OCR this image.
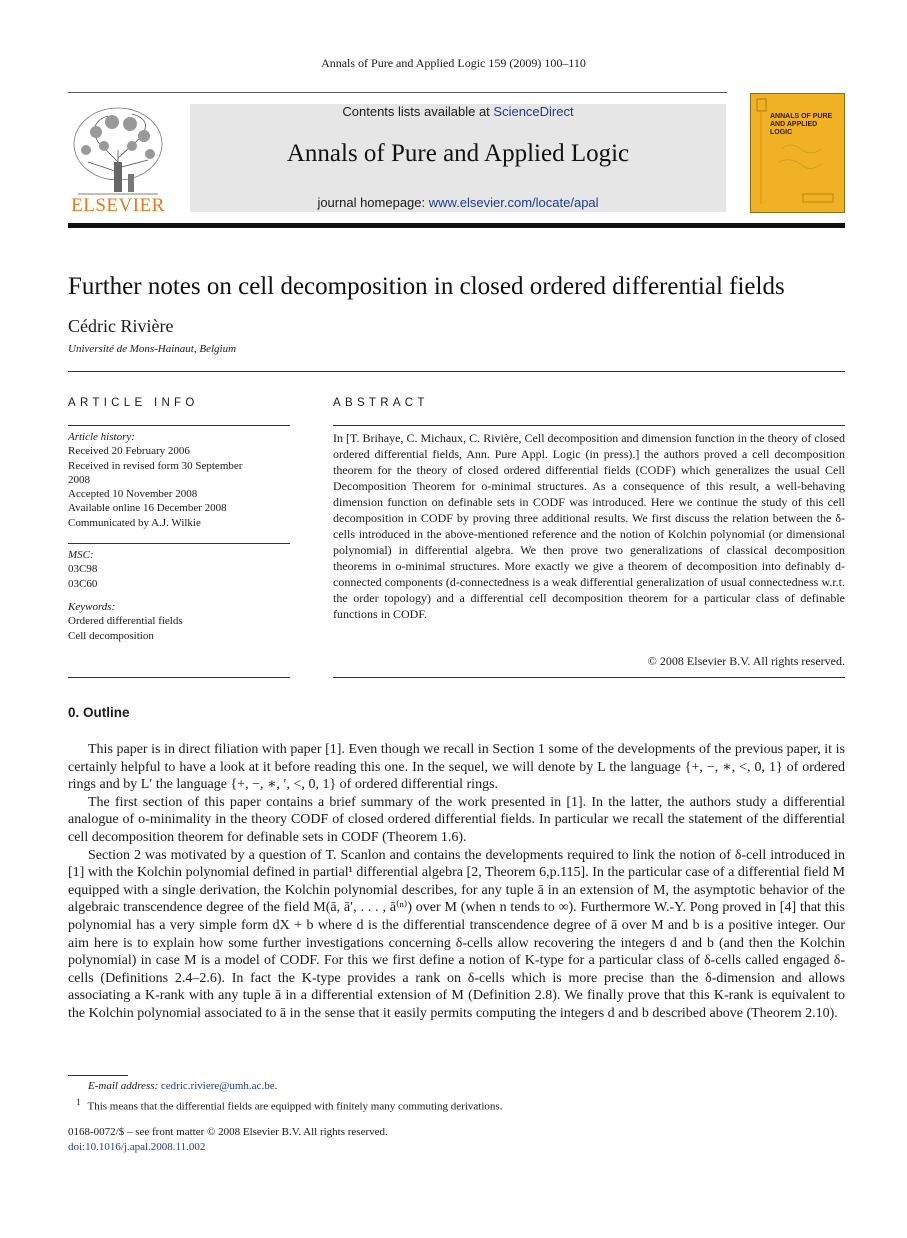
Annals of Pure and Applied Logic 159 (2009) 100–110
ELSEVIER
Contents lists available at ScienceDirect
Annals of Pure and Applied Logic
journal homepage: www.elsevier.com/locate/apal
ANNALS OF PURE AND APPLIED LOGIC
Further notes on cell decomposition in closed ordered differential fields
Cédric Rivière
Université de Mons-Hainaut, Belgium
ARTICLE INFO
Article history:
Received 20 February 2006
Received in revised form 30 September
2008
Accepted 10 November 2008
Available online 16 December 2008
Communicated by A.J. Wilkie
MSC:
03C98
03C60
Keywords:
Ordered differential fields
Cell decomposition
ABSTRACT
In [T. Brihaye, C. Michaux, C. Rivière, Cell decomposition and dimension function in the theory of closed ordered differential fields, Ann. Pure Appl. Logic (in press).] the authors proved a cell decomposition theorem for the theory of closed ordered differential fields (CODF) which generalizes the usual Cell Decomposition Theorem for o-minimal structures. As a consequence of this result, a well-behaving dimension function on definable sets in CODF was introduced. Here we continue the study of this cell decomposition in CODF by proving three additional results. We first discuss the relation between the δ-cells introduced in the above-mentioned reference and the notion of Kolchin polynomial (or dimensional polynomial) in differential algebra. We then prove two generalizations of classical decomposition theorems in o-minimal structures. More exactly we give a theorem of decomposition into definably d-connected components (d-connectedness is a weak differential generalization of usual connectedness w.r.t. the order topology) and a differential cell decomposition theorem for a particular class of definable functions in CODF.
© 2008 Elsevier B.V. All rights reserved.
0. Outline

This paper is in direct filiation with paper [1]. Even though we recall in Section 1 some of the developments of the previous paper, it is certainly helpful to have a look at it before reading this one. In the sequel, we will denote by L the language {+, −, ∗, <, 0, 1} of ordered rings and by L′ the language {+, −, ∗, ′, <, 0, 1} of ordered differential rings.

The first section of this paper contains a brief summary of the work presented in [1]. In the latter, the authors study a differential analogue of o-minimality in the theory CODF of closed ordered differential fields. In particular we recall the statement of the differential cell decomposition theorem for definable sets in CODF (Theorem 1.6).

Section 2 was motivated by a question of T. Scanlon and contains the developments required to link the notion of δ-cell introduced in [1] with the Kolchin polynomial defined in partial¹ differential algebra [2, Theorem 6,p.115]. In the particular case of a differential field M equipped with a single derivation, the Kolchin polynomial describes, for any tuple ā in an extension of M, the asymptotic behavior of the algebraic transcendence degree of the field M(ā, ā′, . . . , ā⁽ⁿ⁾) over M (when n tends to ∞). Furthermore W.-Y. Pong proved in [4] that this polynomial has a very simple form dX + b where d is the differential transcendence degree of ā over M and b is a positive integer. Our aim here is to explain how some further investigations concerning δ-cells allow recovering the integers d and b (and then the Kolchin polynomial) in case M is a model of CODF. For this we first define a notion of K-type for a particular class of δ-cells called engaged δ-cells (Definitions 2.4–2.6). In fact the K-type provides a rank on δ-cells which is more precise than the δ-dimension and allows associating a K-rank with any tuple ā in a differential extension of M (Definition 2.8). We finally prove that this K-rank is equivalent to the Kolchin polynomial associated to ā in the sense that it easily permits computing the integers d and b described above (Theorem 2.10).

E-mail address: cedric.riviere@umh.ac.be.
$^1$ This means that the differential fields are equipped with finitely many commuting derivations.
0168-0072/$ – see front matter © 2008 Elsevier B.V. All rights reserved.
doi:10.1016/j.apal.2008.11.002
